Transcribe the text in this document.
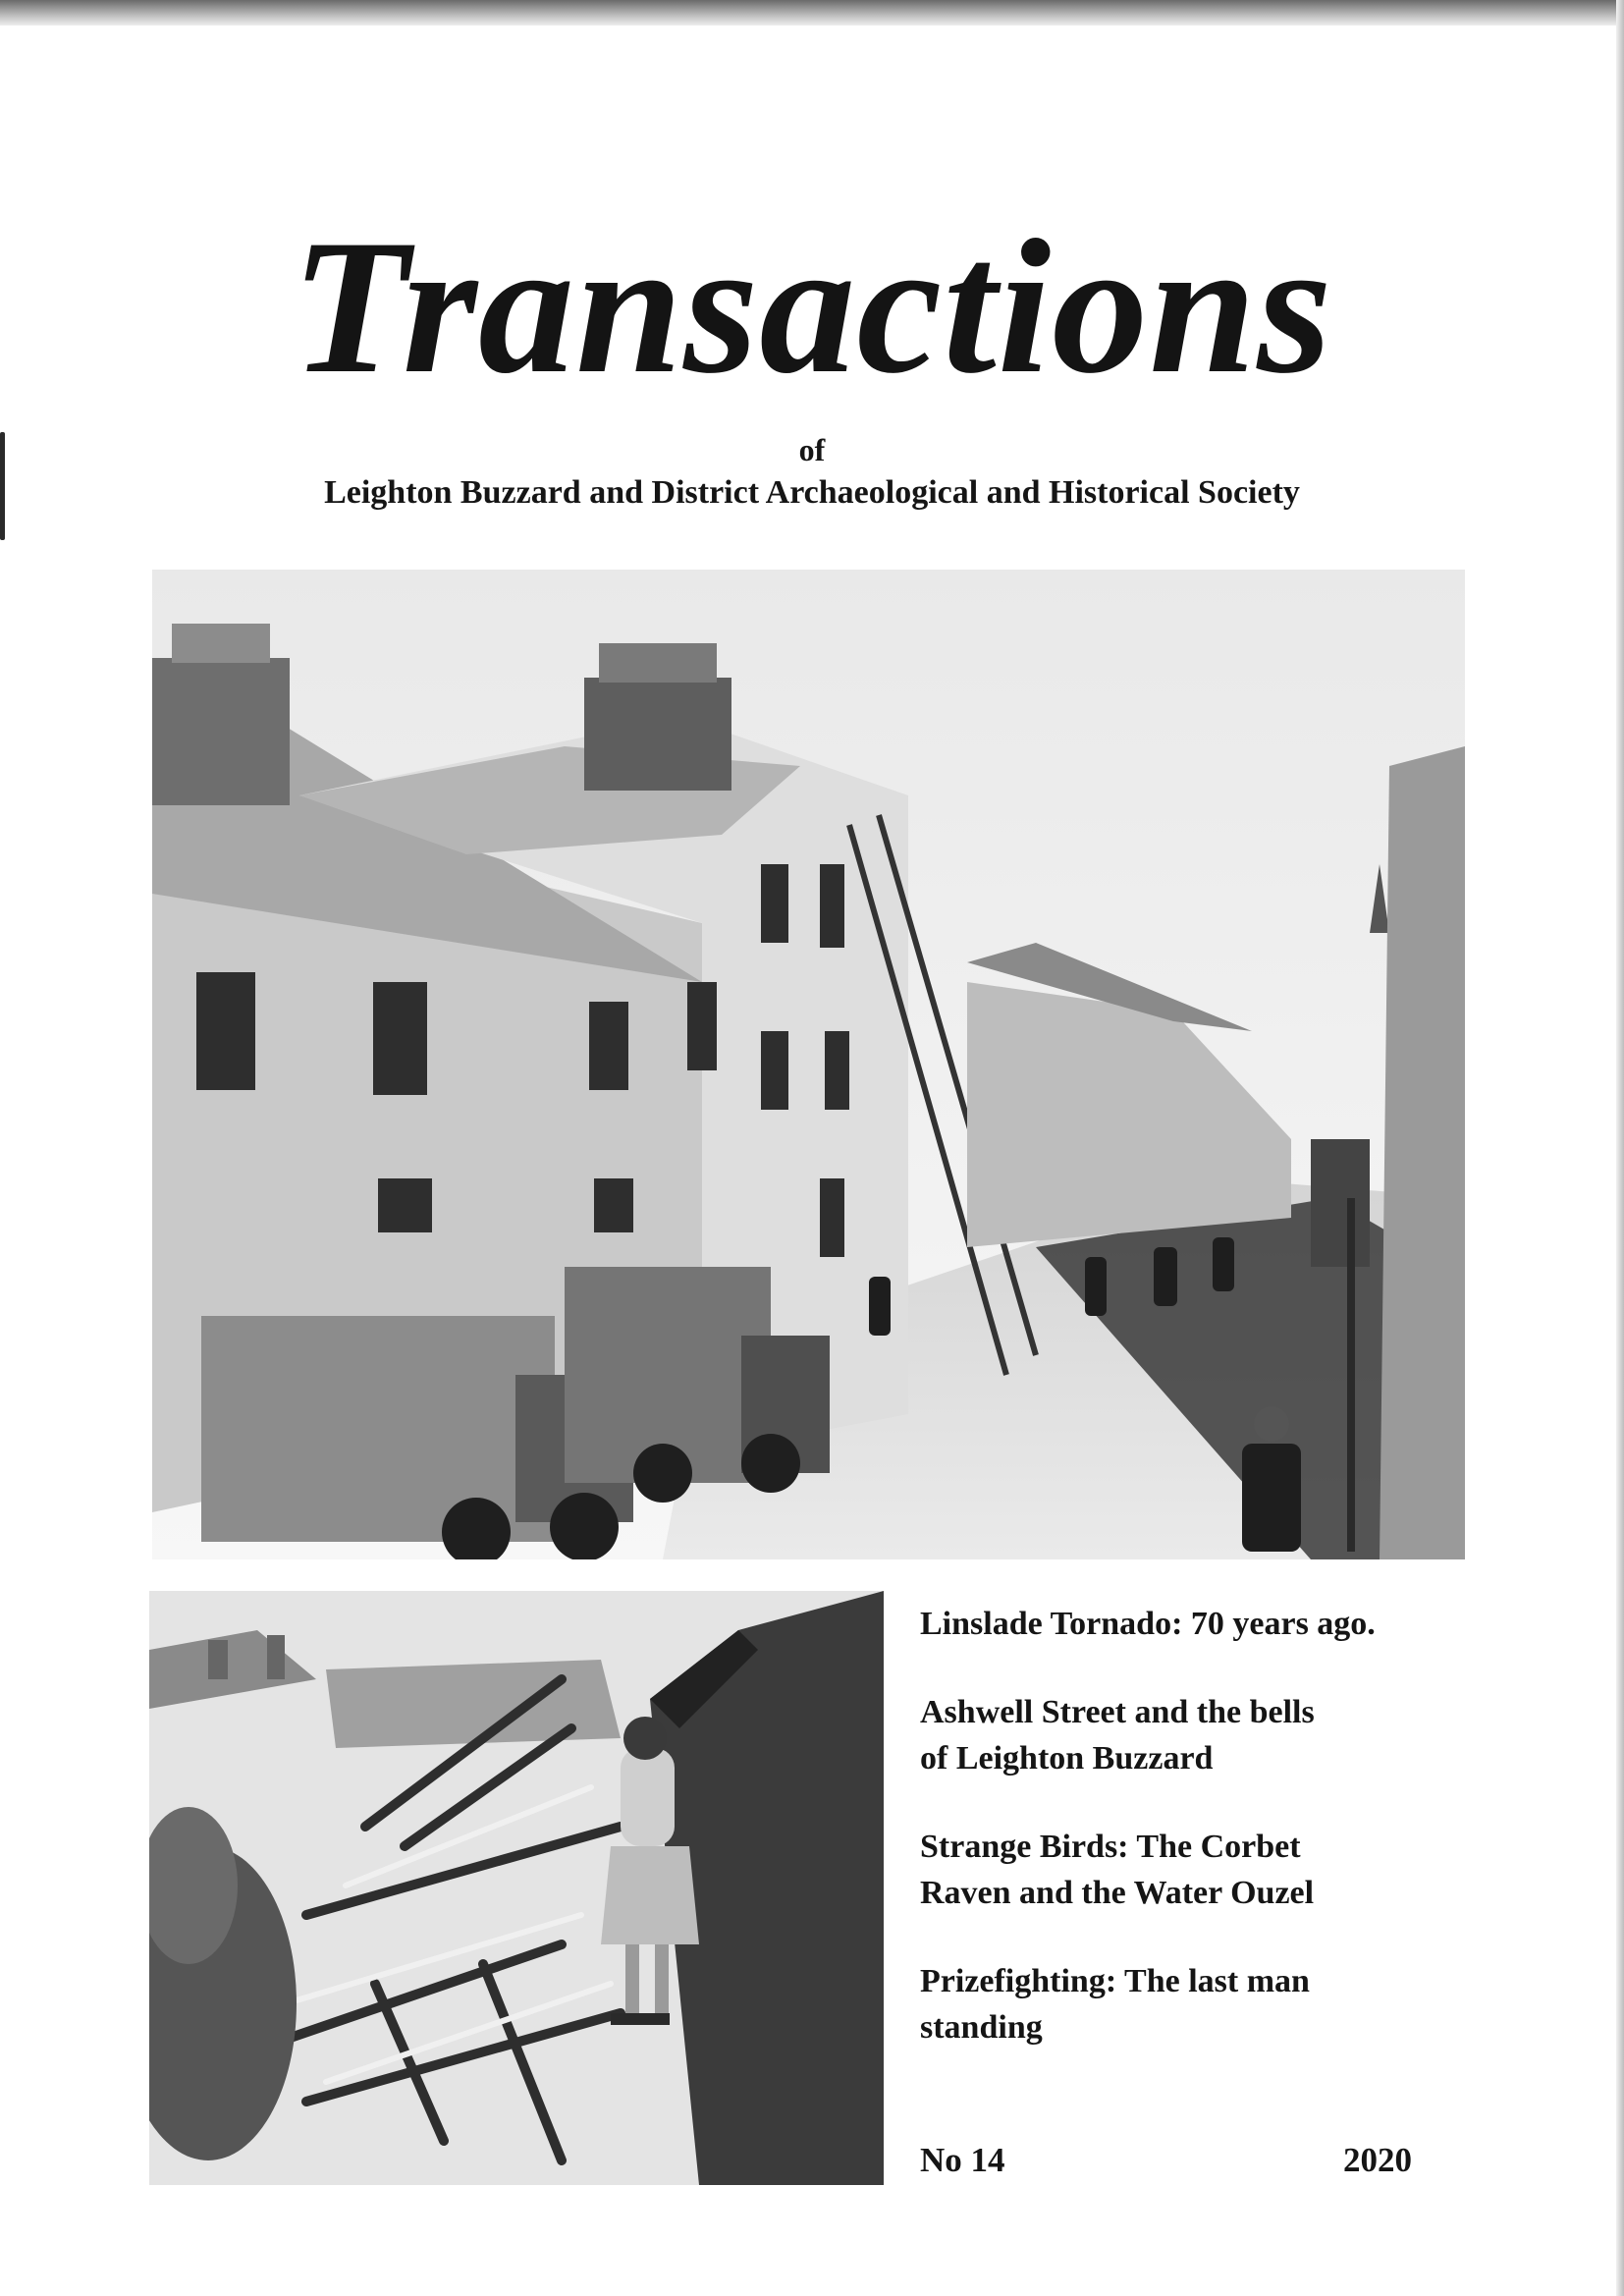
Transactions
of
Leighton Buzzard and District Archaeological and Historical Society
Linslade Tornado: 70 years ago.
Ashwell Street and the bells
of Leighton Buzzard
Strange Birds: The Corbet
Raven and the Water Ouzel
Prizefighting: The last man
standing
No 14	2020
